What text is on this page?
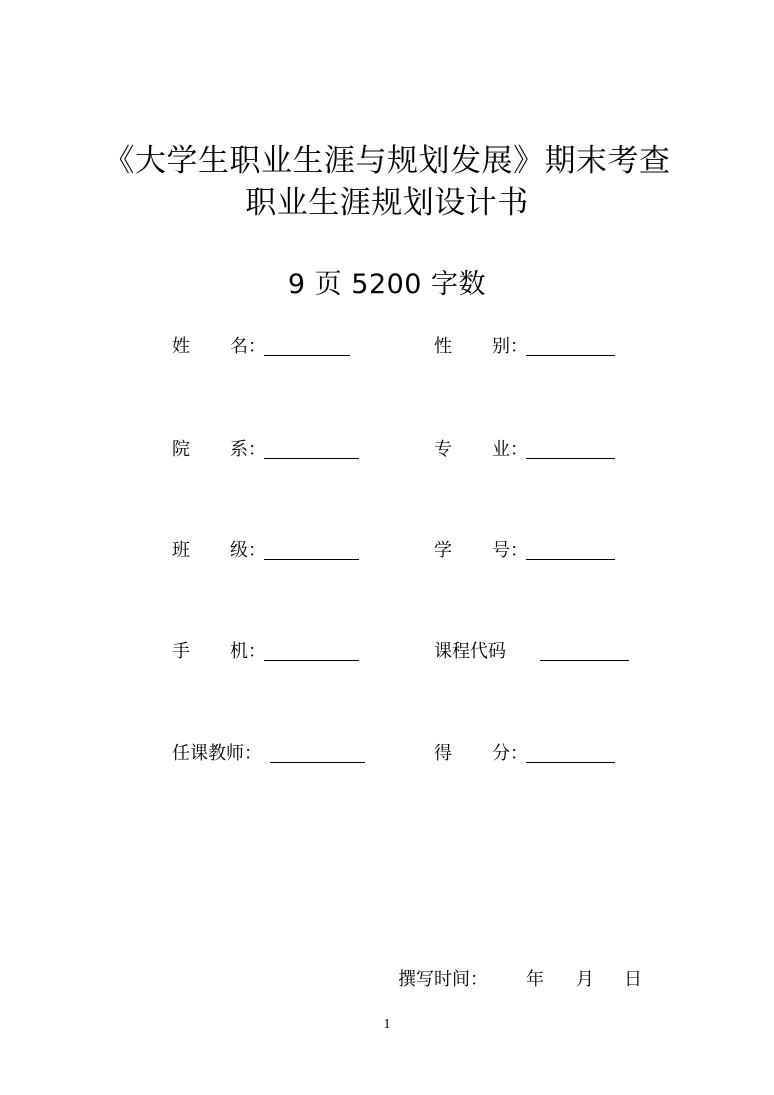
《大学生职业生涯与规划发展》期末考查
职业生涯规划设计书
9 页 5200 字数
姓 名 ：	性 别 ：
院 系 ：	专 业 ：
班 级 ：	学 号 ：
手 机 ：	课程代码
任课教师：	得 分 ：
撰写时间： 年 月 日
1
